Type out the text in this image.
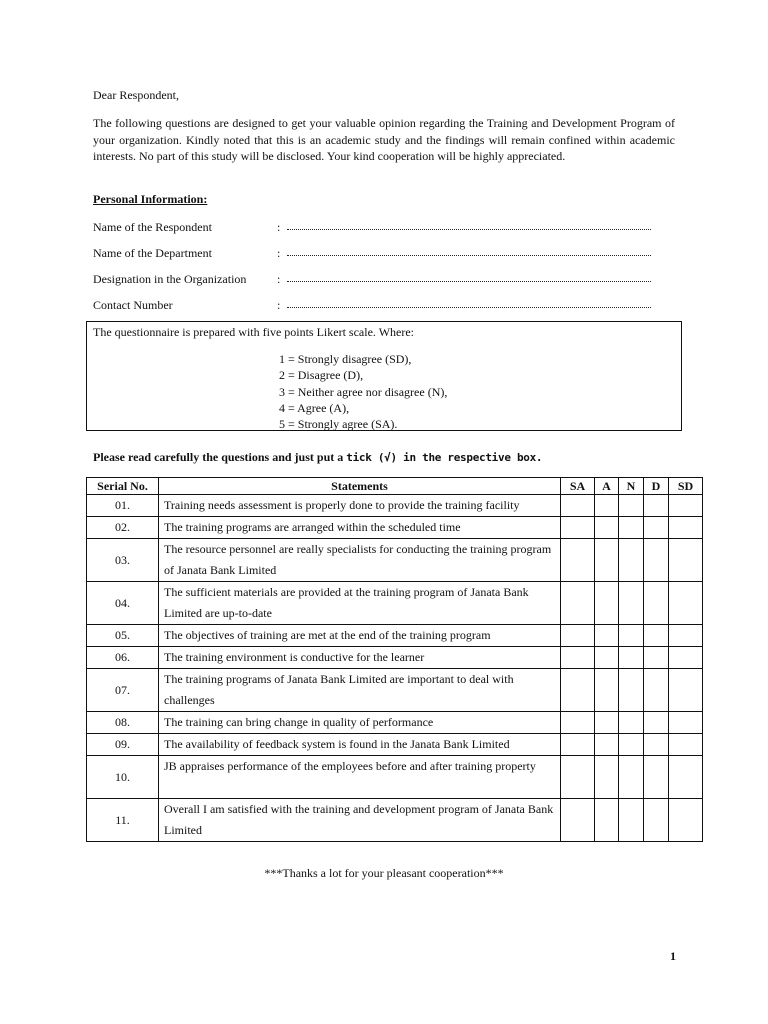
Dear Respondent,
The following questions are designed to get your valuable opinion regarding the Training and Development Program of your organization. Kindly noted that this is an academic study and the findings will remain confined within academic interests. No part of this study will be disclosed. Your kind cooperation will be highly appreciated.
Personal Information:
Name of the Respondent	:
Name of the Department	:
Designation in the Organization	:
Contact Number	:
The questionnaire is prepared with five points Likert scale. Where:
1 = Strongly disagree (SD),
2 = Disagree (D),
3 = Neither agree nor disagree (N),
4 = Agree (A),
5 = Strongly agree (SA).
Please read carefully the questions and just put a tick (√) in the respective box.
Serial No.	Statements	SA	A	N	D	SD
01.	Training needs assessment is properly done to provide the training facility					
02.	The training programs are arranged within the scheduled time					
03.	The resource personnel are really specialists for conducting the training program of Janata Bank Limited					
04.	The sufficient materials are provided at the training program of Janata Bank Limited are up-to-date					
05.	The objectives of training are met at the end of the training program					
06.	The training environment is conductive for the learner					
07.	The training programs of Janata Bank Limited are important to deal with challenges					
08.	The training can bring change in quality of performance					
09.	The availability of feedback system is found in the Janata Bank Limited					
10.	JB appraises performance of the employees before and after training property					
11.	Overall I am satisfied with the training and development program of Janata Bank Limited					
***Thanks a lot for your pleasant cooperation***
1
